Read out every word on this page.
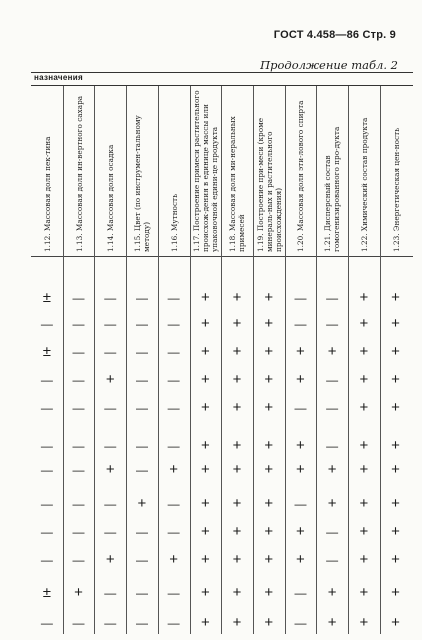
ГОСТ 4.458—86 Стр. 9
Продолжение табл. 2
назначения
1.12. Массовая доля пек-тина	1.13. Массовая доля ин-вертного сахара	1.14. Массовая доля осадка	1.15. Цвет (по инструмен-тальному методу)	1.16. Мутность	1.17. Построение примеси растительного происхож-дения в единице массы или упаковочной едини-це продукта	1.18. Массовая доля ми-неральных примесей	1.19. Построение при-меси (кроме минераль-ных и растительного происхождения)	1.20. Массовая доля эти-лового спирта	1.21. Дисперсный состав гомогенизированного про-дукта	1.22. Химический состав продукта	1.23. Энергетическая цен-ность
±	—	—	—	—	+	+	+	—	—	+	+
—	—	—	—	—	+	+	+	—	—	+	+
±	—	—	—	—	+	+	+	+	+	+	+
—	—	+	—	—	+	+	+	+	—	+	+
—	—	—	—	—	+	+	+	—	—	+	+
—	—	—	—	—	+	+	+	+	—	+	+
—	—	+	—	+	+	+	+	+	+	+	+
—	—	—	+	—	+	+	+	—	+	+	+
—	—	—	—	—	+	+	+	+	—	+	+
—	—	+	—	+	+	+	+	+	—	+	+
±	+	—	—	—	+	+	+	—	+	+	+
—	—	—	—	—	+	+	+	—	+	+	+
